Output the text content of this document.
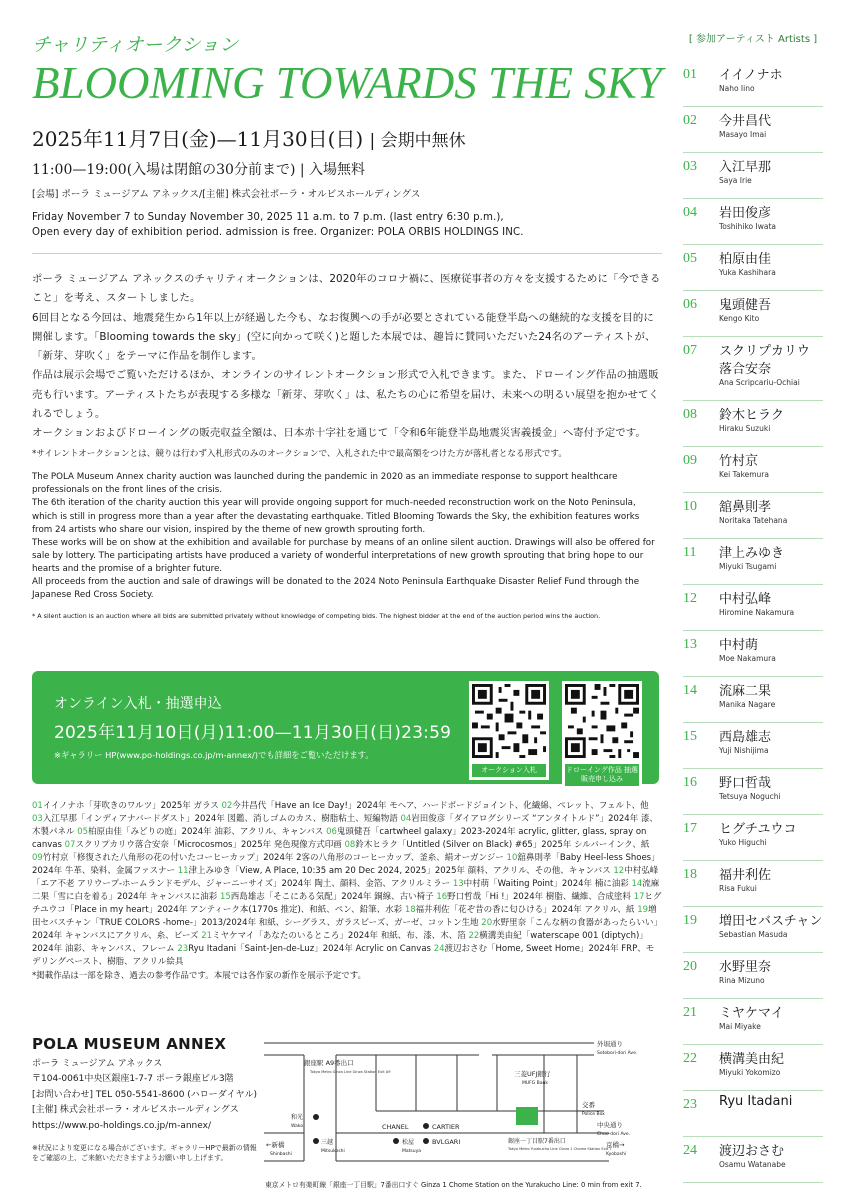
チャリティオークション
BLOOMING TOWARDS THE SKY
2025年11月7日(金)—11月30日(日) | 会期中無休
11:00—19:00(入場は閉館の30分前まで) | 入場無料
[会場] ポーラ ミュージアム アネックス/[主催] 株式会社ポーラ・オルビスホールディングス
Friday November 7 to Sunday November 30, 2025 11 a.m. to 7 p.m. (last entry 6:30 p.m.),
Open every day of exhibition period. admission is free. Organizer: POLA ORBIS HOLDINGS INC.

ポーラ ミュージアム アネックスのチャリティオークションは、2020年のコロナ禍に、医療従事者の方々を支援するために「今できること」を考え、スタートしました。

6回目となる今回は、地震発生から1年以上が経過した今も、なお復興への手が必要とされている能登半島への継続的な支援を目的に開催します。「Blooming towards the sky」(空に向かって咲く)と題した本展では、趣旨に賛同いただいた24名のアーティストが、「新芽、芽吹く」をテーマに作品を制作します。

作品は展示会場でご覧いただけるほか、オンラインのサイレントオークション形式で入札できます。また、ドローイング作品の抽選販売も行います。アーティストたちが表現する多様な「新芽、芽吹く」は、私たちの心に希望を届け、未来への明るい展望を抱かせてくれるでしょう。

オークションおよびドローイングの販売収益全額は、日本赤十字社を通じて「令和6年能登半島地震災害義援金」へ寄付予定です。

*サイレントオークションとは、競りは行わず入札形式のみのオークションで、入札された中で最高額をつけた方が落札者となる形式です。

The POLA Museum Annex charity auction was launched during the pandemic in 2020 as an immediate response to support healthcare professionals on the front lines of the crisis.

The 6th iteration of the charity auction this year will provide ongoing support for much-needed reconstruction work on the Noto Peninsula, which is still in progress more than a year after the devastating earthquake. Titled Blooming Towards the Sky, the exhibition features works from 24 artists who share our vision, inspired by the theme of new growth sprouting forth.

These works will be on show at the exhibition and available for purchase by means of an online silent auction. Drawings will also be offered for sale by lottery. The participating artists have produced a variety of wonderful interpretations of new growth sprouting that bring hope to our hearts and the promise of a brighter future.

All proceeds from the auction and sale of drawings will be donated to the 2024 Noto Peninsula Earthquake Disaster Relief Fund through the Japanese Red Cross Society.

* A silent auction is an auction where all bids are submitted privately without knowledge of competing bids. The highest bidder at the end of the auction period wins the auction.
オンライン入札・抽選申込
2025年11月10日(月)11:00—11月30日(日)23:59
※ギャラリー HP(www.po-holdings.co.jp/m-annex/)でも詳細をご覧いただけます。
オークション入札	ドローイング作品 抽選販売申し込み
01イイノナホ「芽吹きのワルツ」2025年 ガラス 02今井昌代「Have an Ice Day!」2024年 モヘア、ハードボードジョイント、化繊綿、ペレット、フェルト、他 03入江早那「インディアナバードダスト」2024年 図鑑、消しゴムのカス、樹脂粘土、短編物語 04岩田俊彦「ダイアログシリーズ “アンタイトルド”」2024年 漆、木製パネル 05柏原由佳「みどりの庭」2024年 油彩、アクリル、キャンバス 06鬼頭健吾「cartwheel galaxy」2023-2024年 acrylic, glitter, glass, spray on canvas 07スクリプカリウ落合安奈「Microcosmos」2025年 発色現像方式印画 08鈴木ヒラク「Untitled (Silver on Black) #65」2025年 シルバーインク、紙 09竹村京「修復された八角形の花の付いたコーヒーカップ」2024年 2客の八角形のコーヒーカップ、釜糸、絹オーガンジー 10舘鼻則孝「Baby Heel-less Shoes」2024年 牛革、染料、金属ファスナー 11津上みゆき「View, A Place, 10:35 am 20 Dec 2024, 2025」2025年 顔料、アクリル、その他、キャンバス 12中村弘峰「エア不老 アリウープ-ホームランドモデル、ジャーニーサイズ」2024年 陶土、顔料、金箔、アクリルミラー 13中村萌「Waiting Point」2024年 楠に油彩 14流麻二果「雪に白を着る」2024年 キャンバスに油彩 15西島雄志「そこにある気配」2024年 銅線、古い椅子 16野口哲哉「Hi !」2024年 樹脂、繊維、合成塗料 17ヒグチユウコ「Place in my heart」2024年 アンティーク本(1770s 推定)、和紙、ペン、鉛筆、水彩 18福井利佐「花ぞ昔の香に匂ひける」2024年 アクリル、紙 19増田セバスチャン「TRUE COLORS -home-」2013/2024年 和紙、シーグラス、ガラスビーズ、ガーゼ、コットン生地 20水野里奈「こんな柄の食器があったらいい」2024年 キャンバスにアクリル、糸、ビーズ 21ミヤケマイ「あなたのいるところ」2024年 和紙、布、漆、木、箔 22横溝美由紀「waterscape 001 (diptych)」2024年 油彩、キャンバス、フレーム 23Ryu Itadani「Saint-Jen-de-Luz」2024年 Acrylic on Canvas 24渡辺おさむ「Home, Sweet Home」2024年 FRP、モデリングペースト、樹脂、アクリル絵具
*掲載作品は一部を除き、過去の参考作品です。本展では各作家の新作を展示予定です。
POLA MUSEUM ANNEX
ポーラ ミュージアム アネックス
〒104-0061中央区銀座1-7-7 ポーラ銀座ビル3階
[お問い合わせ] TEL 050-5541-8600 (ハローダイヤル)
[主催] 株式会社ポーラ・オルビスホールディングス
https://www.po-holdings.co.jp/m-annex/
※状況により変更になる場合がございます。ギャラリーHPで最新の情報をご確認の上、ご来館いただきますようお願い申し上げます。
外堀通り
Sotobori-dori Ave.
中央通り
Chuo-dori Ave.
←新橋
Shinbashi
京橋→
Kyobashi
銀座駅 A9番出口
Tokyo Metro Ginza Line Ginza Station Exit A9
和光
Wako
三越
Mitsukoshi
CHANEL	CARTIER
松屋
Matsuya
BVLGARI
三菱UFJ銀行
MUFG Bank
交番
Police Box
銀座一丁目駅7番出口
Tokyo Metro Yurakucho Line Ginza 1 Chome Station Exit 7
東京メトロ有楽町線「銀座一丁目駅」7番出口すぐ Ginza 1 Chome Station on the Yurakucho Line: 0 min from exit 7.
[ 参加アーティスト Artists ]
01 イイノナホ
Naho Iino
02 今井昌代
Masayo Imai
03 入江早那
Saya Irie
04 岩田俊彦
Toshihiko Iwata
05 柏原由佳
Yuka Kashihara
06 鬼頭健吾
Kengo Kito
07 スクリプカリウ
落合安奈
Ana Scripcariu-Ochiai
08 鈴木ヒラク
Hiraku Suzuki
09 竹村京
Kei Takemura
10 舘鼻則孝
Noritaka Tatehana
11 津上みゆき
Miyuki Tsugami
12 中村弘峰
Hiromine Nakamura
13 中村萌
Moe Nakamura
14 流麻二果
Manika Nagare
15 西島雄志
Yuji Nishijima
16 野口哲哉
Tetsuya Noguchi
17 ヒグチユウコ
Yuko Higuchi
18 福井利佐
Risa Fukui
19 増田セバスチャン
Sebastian Masuda
20 水野里奈
Rina Mizuno
21 ミヤケマイ
Mai Miyake
22 横溝美由紀
Miyuki Yokomizo
23 Ryu Itadani
24 渡辺おさむ
Osamu Watanabe
